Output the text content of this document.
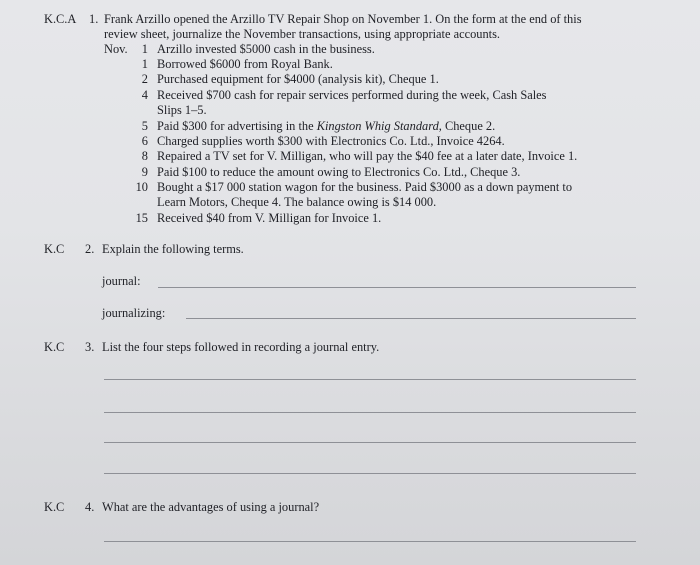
K.C.A 1. Frank Arzillo opened the Arzillo TV Repair Shop on November 1. On the form at the end of this
review sheet, journalize the November transactions, using appropriate accounts.
Nov.	1 Arzillo invested $5000 cash in the business.
1 Borrowed $6000 from Royal Bank.
2 Purchased equipment for $4000 (analysis kit), Cheque 1.
4 Received $700 cash for repair services performed during the week, Cash Sales
Slips 1–5.
5 Paid $300 for advertising in the Kingston Whig Standard, Cheque 2.
6 Charged supplies worth $300 with Electronics Co. Ltd., Invoice 4264.
8 Repaired a TV set for V. Milligan, who will pay the $40 fee at a later date, Invoice 1.
9 Paid $100 to reduce the amount owing to Electronics Co. Ltd., Cheque 3.
10 Bought a $17 000 station wagon for the business. Paid $3000 as a down payment to
Learn Motors, Cheque 4. The balance owing is $14 000.
15 Received $40 from V. Milligan for Invoice 1.
K.C 2. Explain the following terms.
journal:
journalizing:
K.C 3. List the four steps followed in recording a journal entry.
K.C 4. What are the advantages of using a journal?
